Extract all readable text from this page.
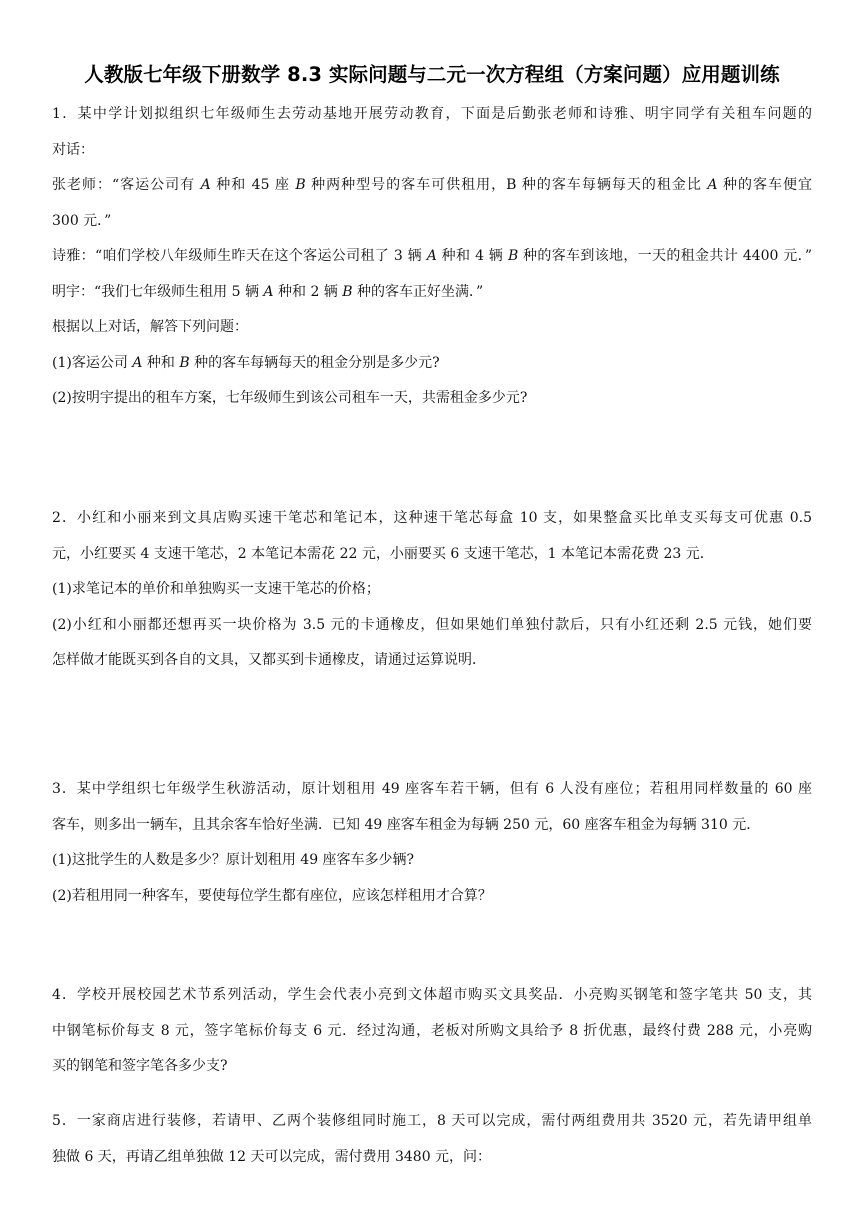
人教版七年级下册数学 8.3 实际问题与二元一次方程组（方案问题）应用题训练
1．某中学计划拟组织七年级师生去劳动基地开展劳动教育，下面是后勤张老师和诗雅、明宇同学有关租车问题的
对话：
张老师：“客运公司有 A 种和 45 座 B 种两种型号的客车可供租用，B 种的客车每辆每天的租金比 A 种的客车便宜
300 元．”
诗雅：“咱们学校八年级师生昨天在这个客运公司租了 3 辆 A 种和 4 辆 B 种的客车到该地，一天的租金共计 4400 元．”
明宇：“我们七年级师生租用 5 辆 A 种和 2 辆 B 种的客车正好坐满．”
根据以上对话，解答下列问题：
(1)客运公司 A 种和 B 种的客车每辆每天的租金分别是多少元?
(2)按明宇提出的租车方案，七年级师生到该公司租车一天，共需租金多少元?
2．小红和小丽来到文具店购买速干笔芯和笔记本，这种速干笔芯每盒 10 支，如果整盒买比单支买每支可优惠 0.5
元，小红要买 4 支速干笔芯，2 本笔记本需花 22 元，小丽要买 6 支速干笔芯，1 本笔记本需花费 23 元．
(1)求笔记本的单价和单独购买一支速干笔芯的价格；
(2)小红和小丽都还想再买一块价格为 3.5 元的卡通橡皮，但如果她们单独付款后，只有小红还剩 2.5 元钱，她们要
怎样做才能既买到各自的文具，又都买到卡通橡皮，请通过运算说明．
3．某中学组织七年级学生秋游活动，原计划租用 49 座客车若干辆，但有 6 人没有座位；若租用同样数量的 60 座
客车，则多出一辆车，且其余客车恰好坐满．已知 49 座客车租金为每辆 250 元，60 座客车租金为每辆 310 元．
(1)这批学生的人数是多少？原计划租用 49 座客车多少辆?
(2)若租用同一种客车，要使每位学生都有座位，应该怎样租用才合算？
4．学校开展校园艺术节系列活动，学生会代表小亮到文体超市购买文具奖品．小亮购买钢笔和签字笔共 50 支，其
中钢笔标价每支 8 元，签字笔标价每支 6 元．经过沟通，老板对所购文具给予 8 折优惠，最终付费 288 元，小亮购
买的钢笔和签字笔各多少支?
5．一家商店进行装修，若请甲、乙两个装修组同时施工，8 天可以完成，需付两组费用共 3520 元，若先请甲组单
独做 6 天，再请乙组单独做 12 天可以完成，需付费用 3480 元，问：
